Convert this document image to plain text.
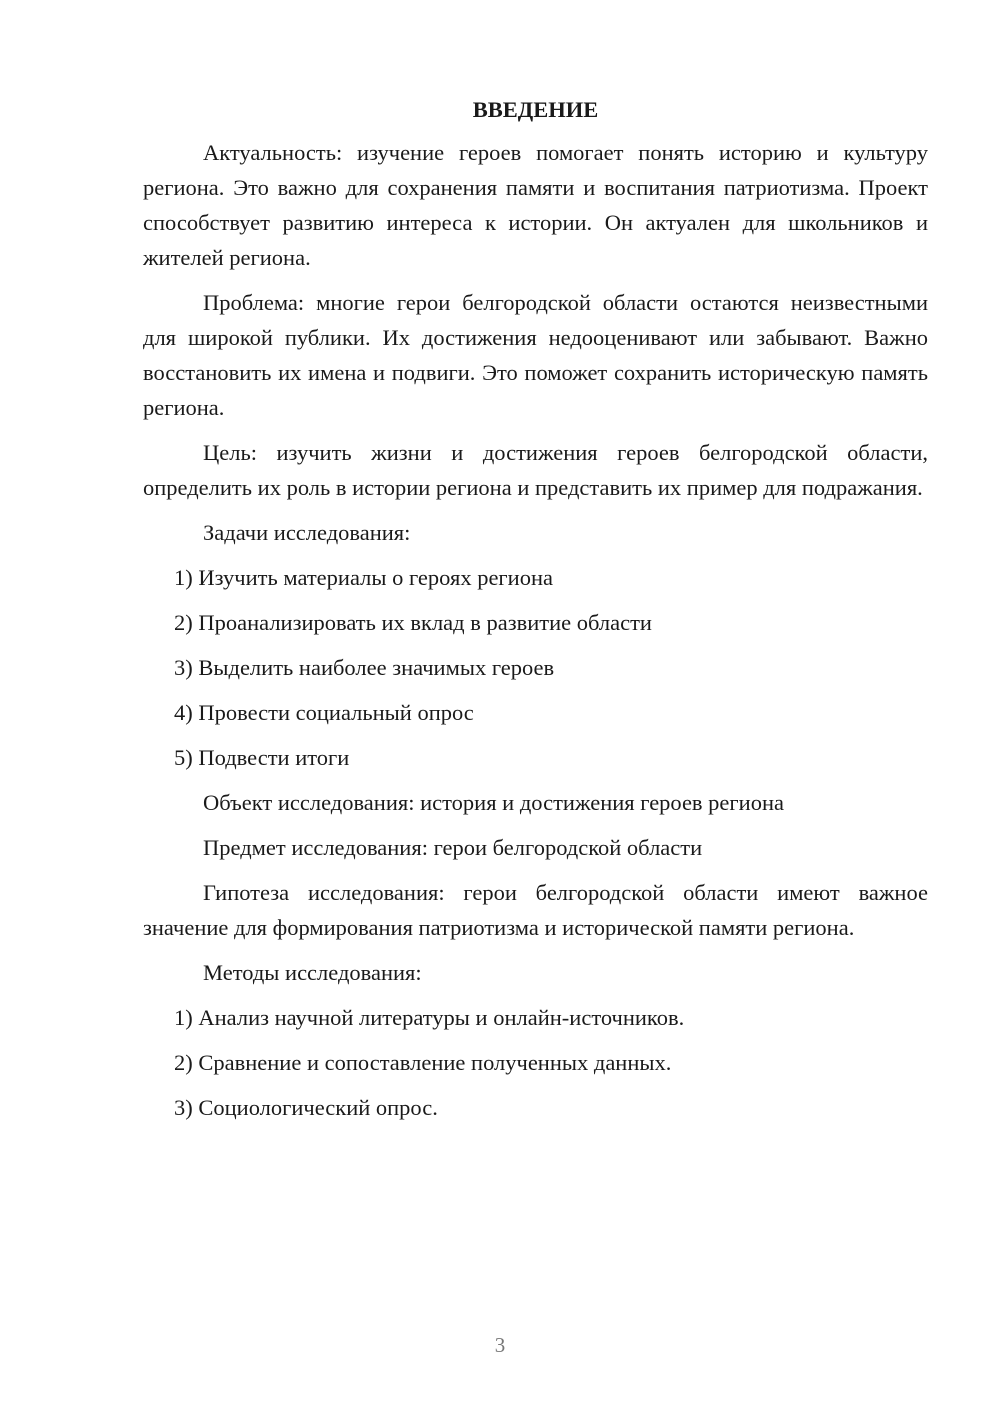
ВВЕДЕНИЕ
Актуальность: изучение героев помогает понять историю и культуру региона. Это важно для сохранения памяти и воспитания патриотизма. Проект способствует развитию интереса к истории. Он актуален для школьников и жителей региона.
Проблема: многие герои белгородской области остаются неизвестными для широкой публики. Их достижения недооценивают или забывают. Важно восстановить их имена и подвиги. Это поможет сохранить историческую память региона.
Цель: изучить жизни и достижения героев белгородской области, определить их роль в истории региона и представить их пример для подражания.
Задачи исследования:
1) Изучить материалы о героях региона
2) Проанализировать их вклад в развитие области
3) Выделить наиболее значимых героев
4) Провести социальный опрос
5) Подвести итоги
Объект исследования: история и достижения героев региона
Предмет исследования: герои белгородской области
Гипотеза исследования: герои белгородской области имеют важное значение для формирования патриотизма и исторической памяти региона.
Методы исследования:
1) Анализ научной литературы и онлайн-источников.
2) Сравнение и сопоставление полученных данных.
3) Социологический опрос.
3
